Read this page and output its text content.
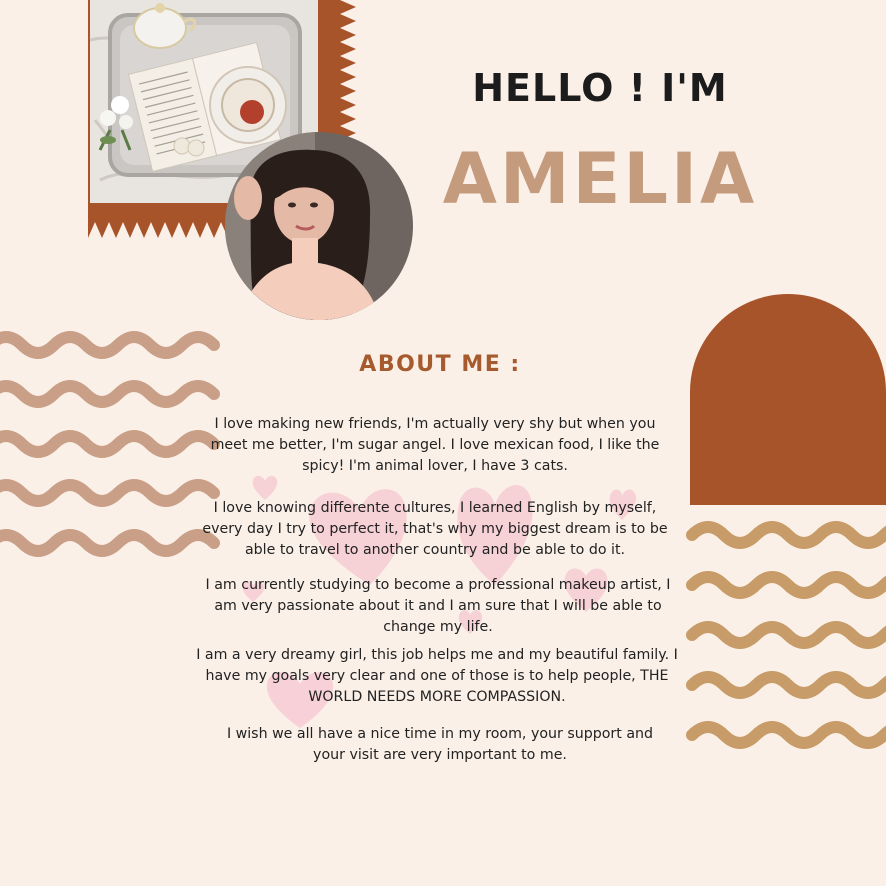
HELLO ! I'M
AMELIA
ABOUT ME :
I love making new friends, I'm actually very shy but when you meet me better, I'm sugar angel. I love mexican food, I like the spicy! I'm animal lover, I have 3 cats.
I love knowing differente cultures, I learned English by myself, every day I try to perfect it, that's why my biggest dream is to be able to travel to another country and be able to do it.
I am currently studying to become a professional makeup artist, I am very passionate about it and I am sure that I will be able to change my life.
I am a very dreamy girl, this job helps me and my beautiful family. I have my goals very clear and one of those is to help people, THE WORLD NEEDS MORE COMPASSION.
I wish we all have a nice time in my room, your support and your visit are very important to me.
